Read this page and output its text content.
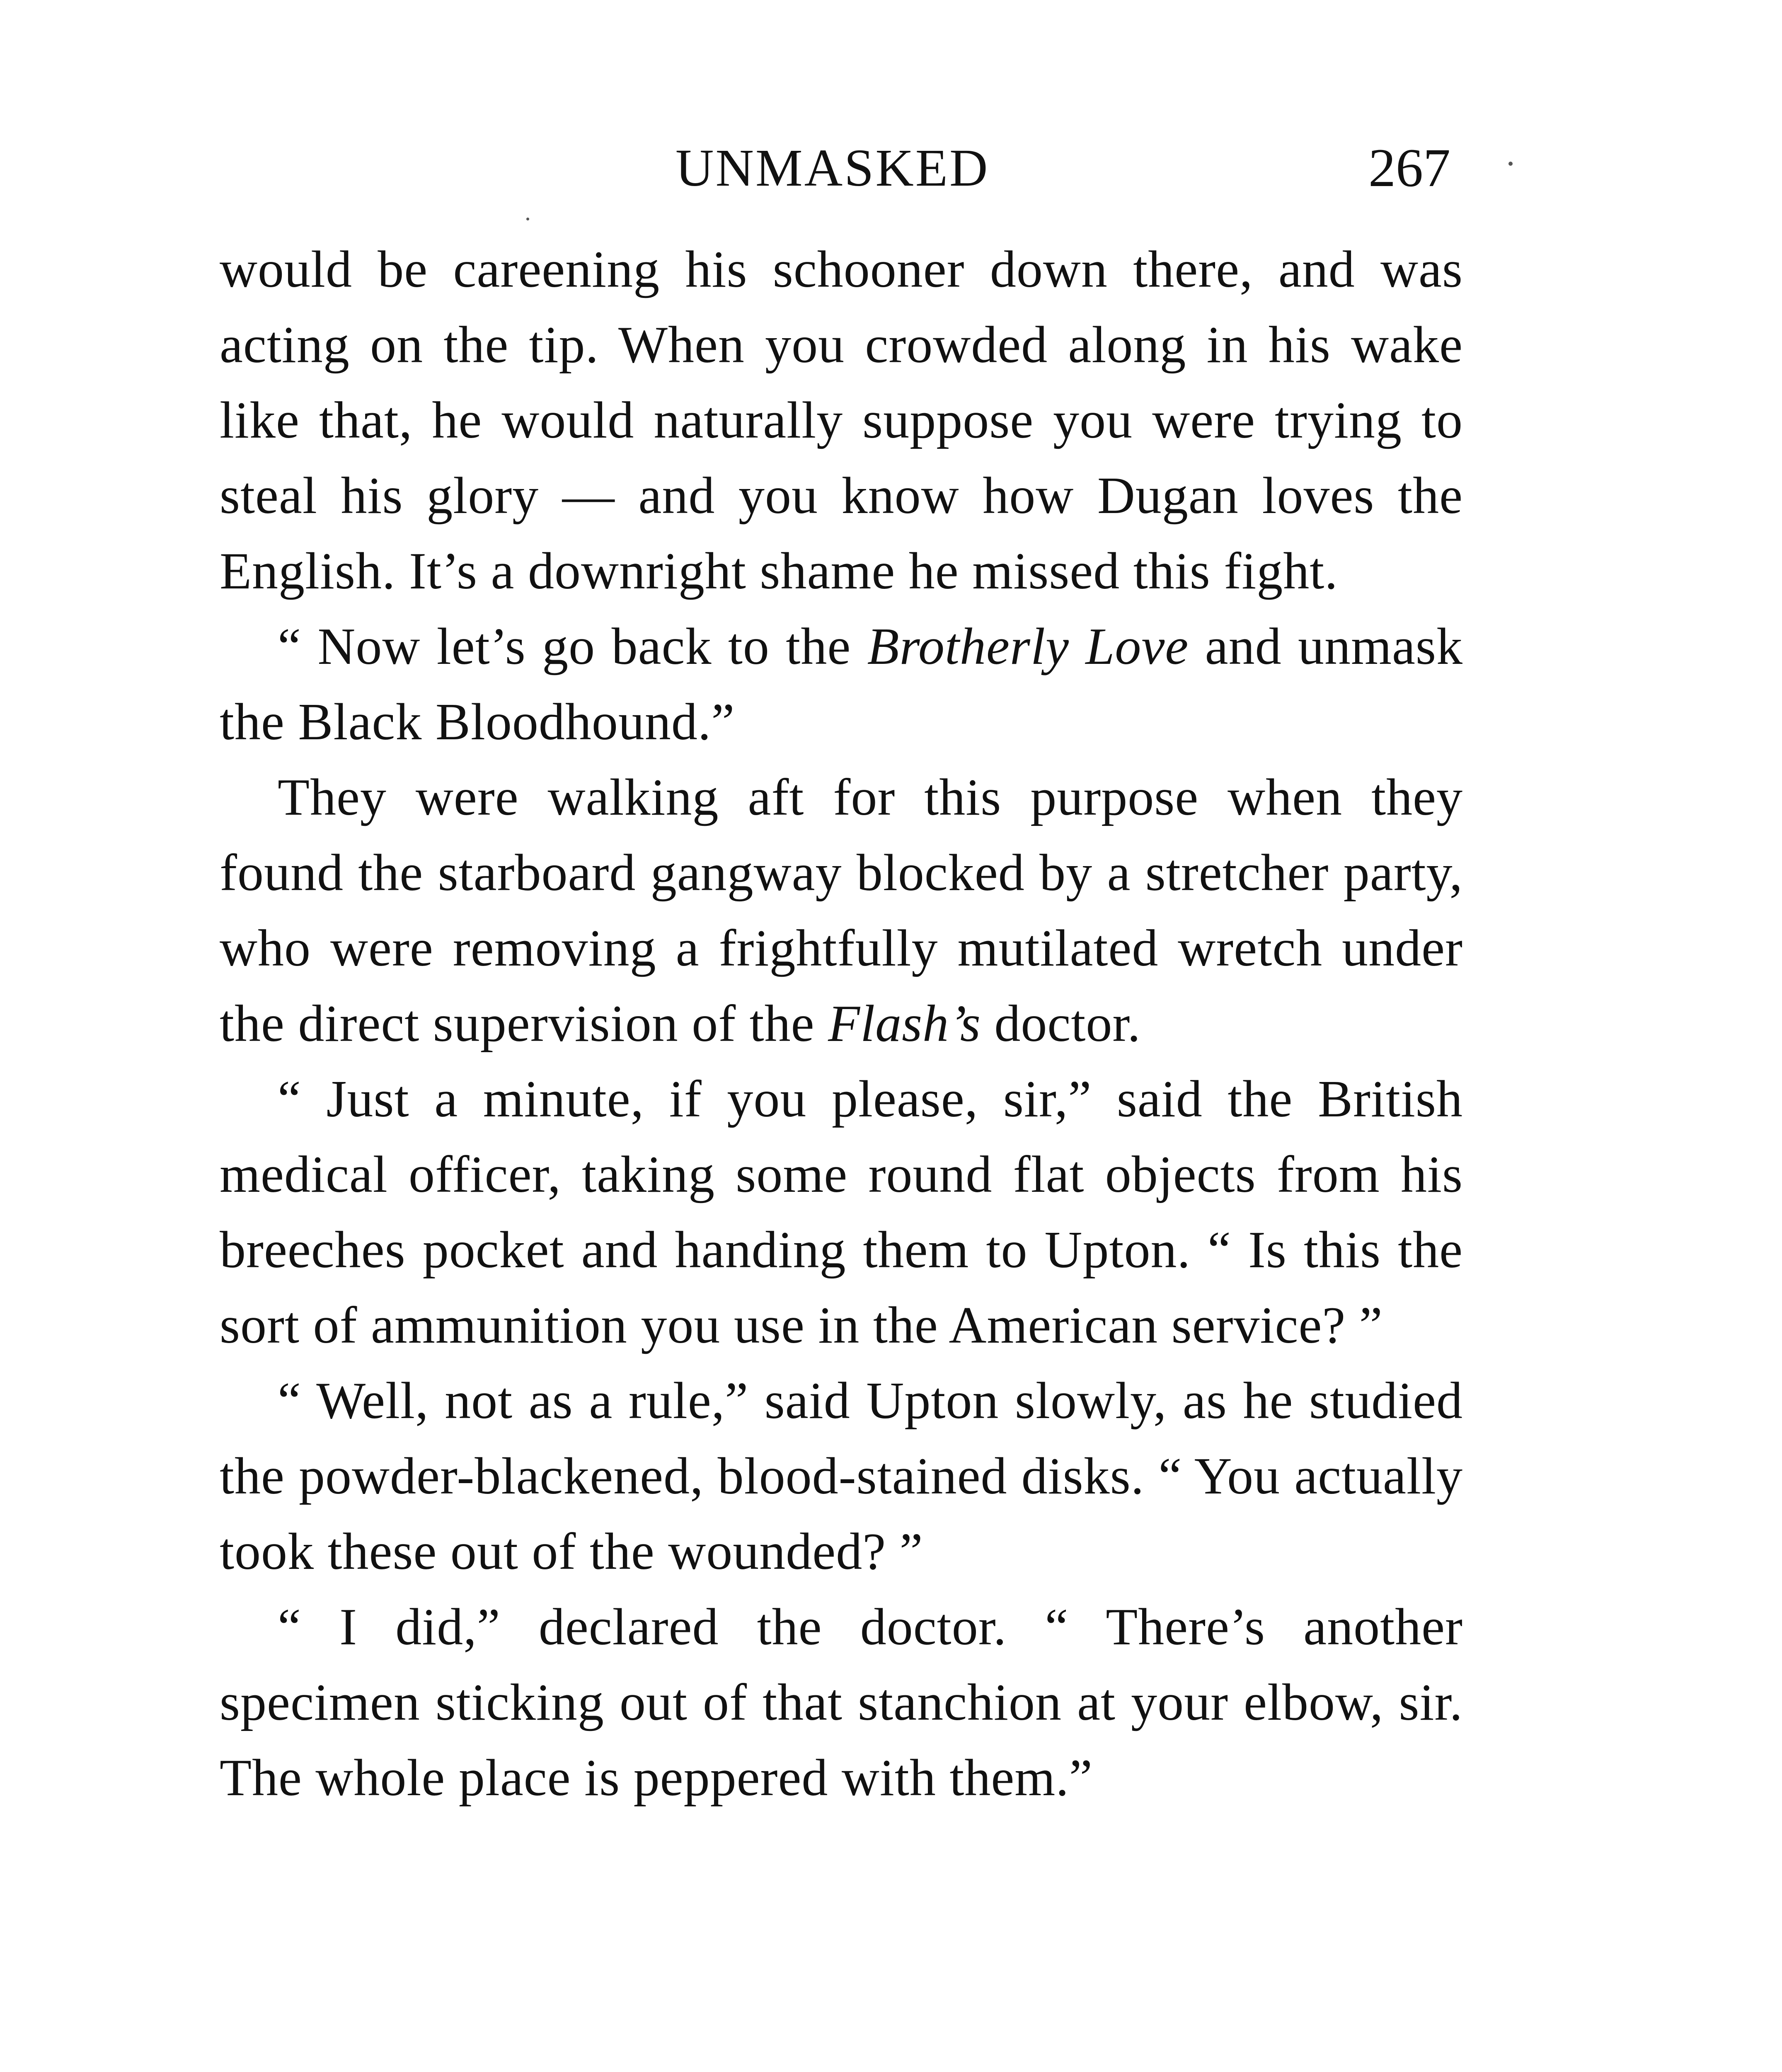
UNMASKED	267

would be careening his schooner down there, and was acting on the tip. When you crowded along in his wake like that, he would naturally suppose you were trying to steal his glory — and you know how Dugan loves the English. It’s a downright shame he missed this fight.

“ Now let’s go back to the Brotherly Love and unmask the Black Bloodhound.”

They were walking aft for this purpose when they found the starboard gangway blocked by a stretcher party, who were removing a frightfully mutilated wretch under the direct supervision of the Flash’s doctor.

“ Just a minute, if you please, sir,” said the British medical officer, taking some round flat objects from his breeches pocket and handing them to Upton. “ Is this the sort of ammunition you use in the American service? ”

“ Well, not as a rule,” said Upton slowly, as he studied the powder-blackened, blood-stained disks. “ You actually took these out of the wounded? ”

“ I did,” declared the doctor. “ There’s another specimen sticking out of that stanchion at your elbow, sir. The whole place is peppered with them.”
